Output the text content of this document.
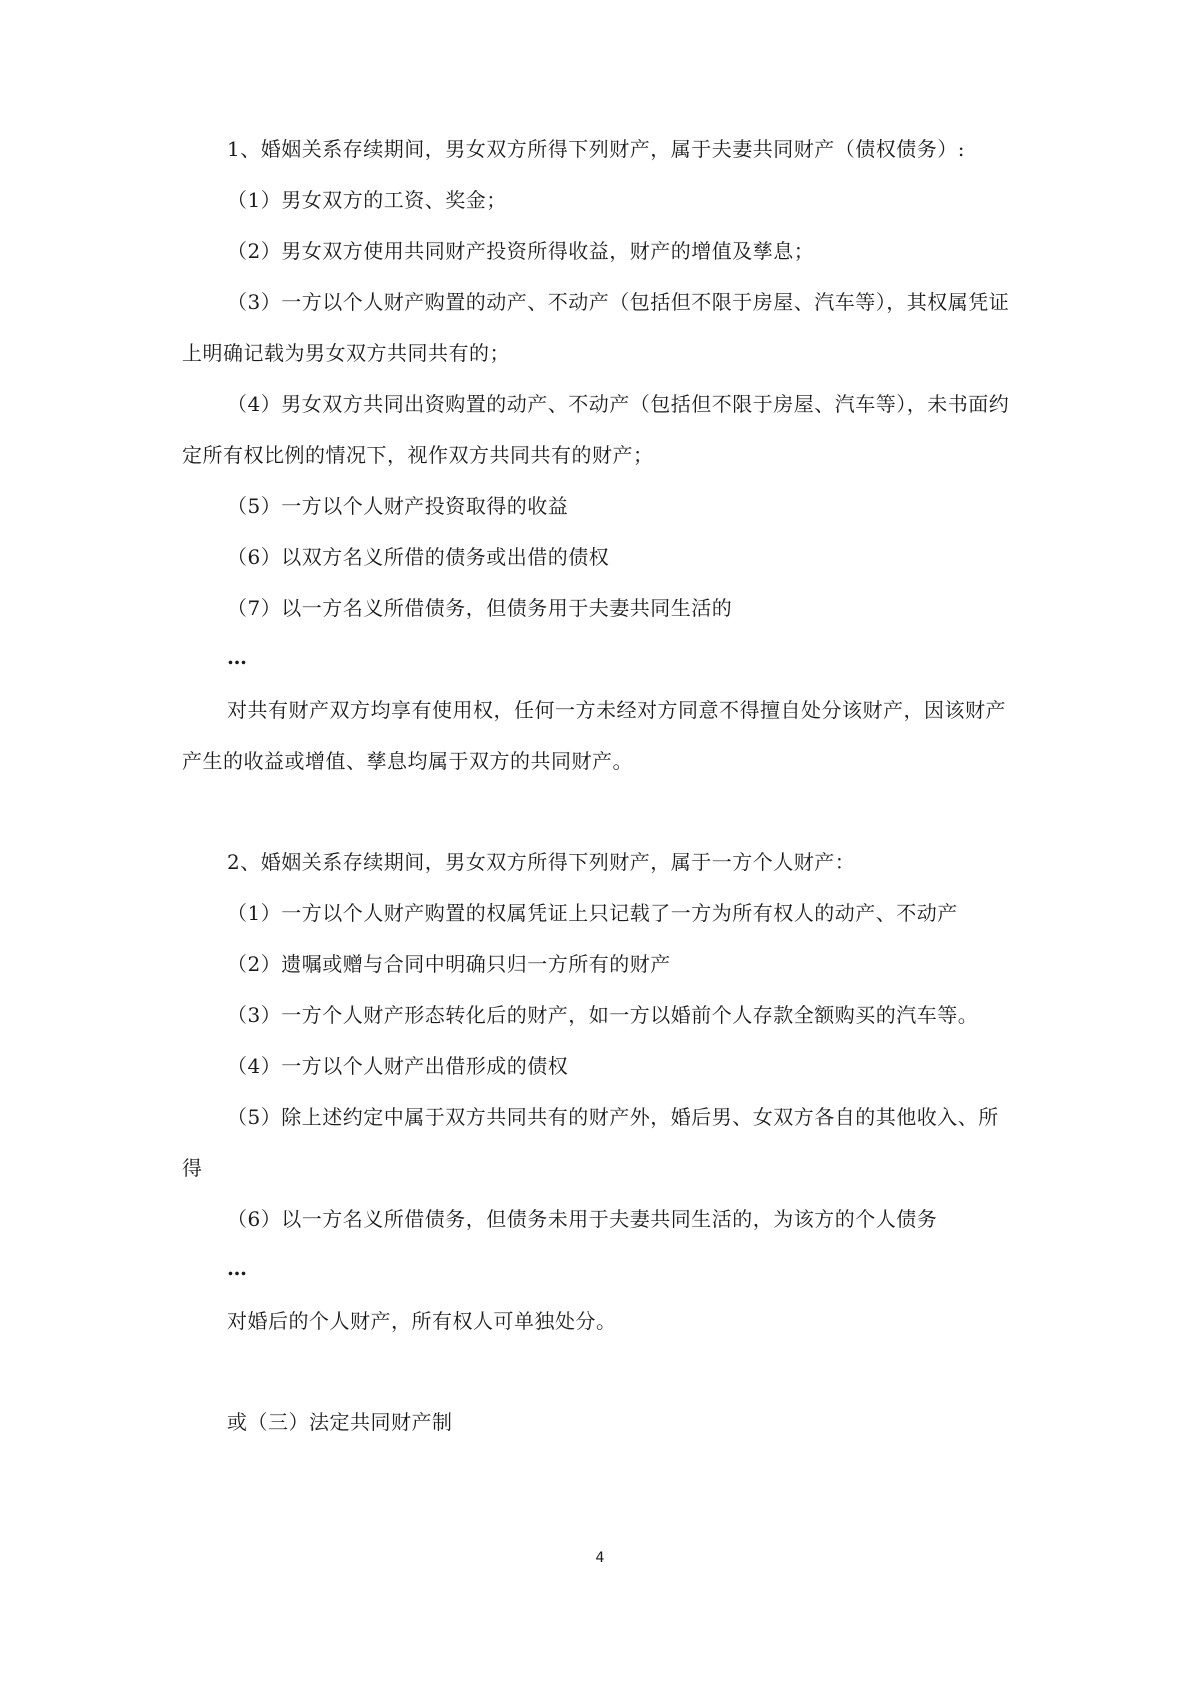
1、婚姻关系存续期间，男女双方所得下列财产，属于夫妻共同财产（债权债务）:
（1）男女双方的工资、奖金；
（2）男女双方使用共同财产投资所得收益，财产的增值及孳息；
（3）一方以个人财产购置的动产、不动产（包括但不限于房屋、汽车等），其权属凭证
上明确记载为男女双方共同共有的；
（4）男女双方共同出资购置的动产、不动产（包括但不限于房屋、汽车等），未书面约
定所有权比例的情况下，视作双方共同共有的财产；
（5）一方以个人财产投资取得的收益
（6）以双方名义所借的债务或出借的债权
（7）以一方名义所借债务，但债务用于夫妻共同生活的
…
对共有财产双方均享有使用权，任何一方未经对方同意不得擅自处分该财产，因该财产
产生的收益或增值、孳息均属于双方的共同财产。
2、婚姻关系存续期间，男女双方所得下列财产，属于一方个人财产：
（1）一方以个人财产购置的权属凭证上只记载了一方为所有权人的动产、不动产
（2）遗嘱或赠与合同中明确只归一方所有的财产
（3）一方个人财产形态转化后的财产，如一方以婚前个人存款全额购买的汽车等。
（4）一方以个人财产出借形成的债权
（5）除上述约定中属于双方共同共有的财产外，婚后男、女双方各自的其他收入、所
得
（6）以一方名义所借债务，但债务未用于夫妻共同生活的，为该方的个人债务
…
对婚后的个人财产，所有权人可单独处分。
或（三）法定共同财产制
4
